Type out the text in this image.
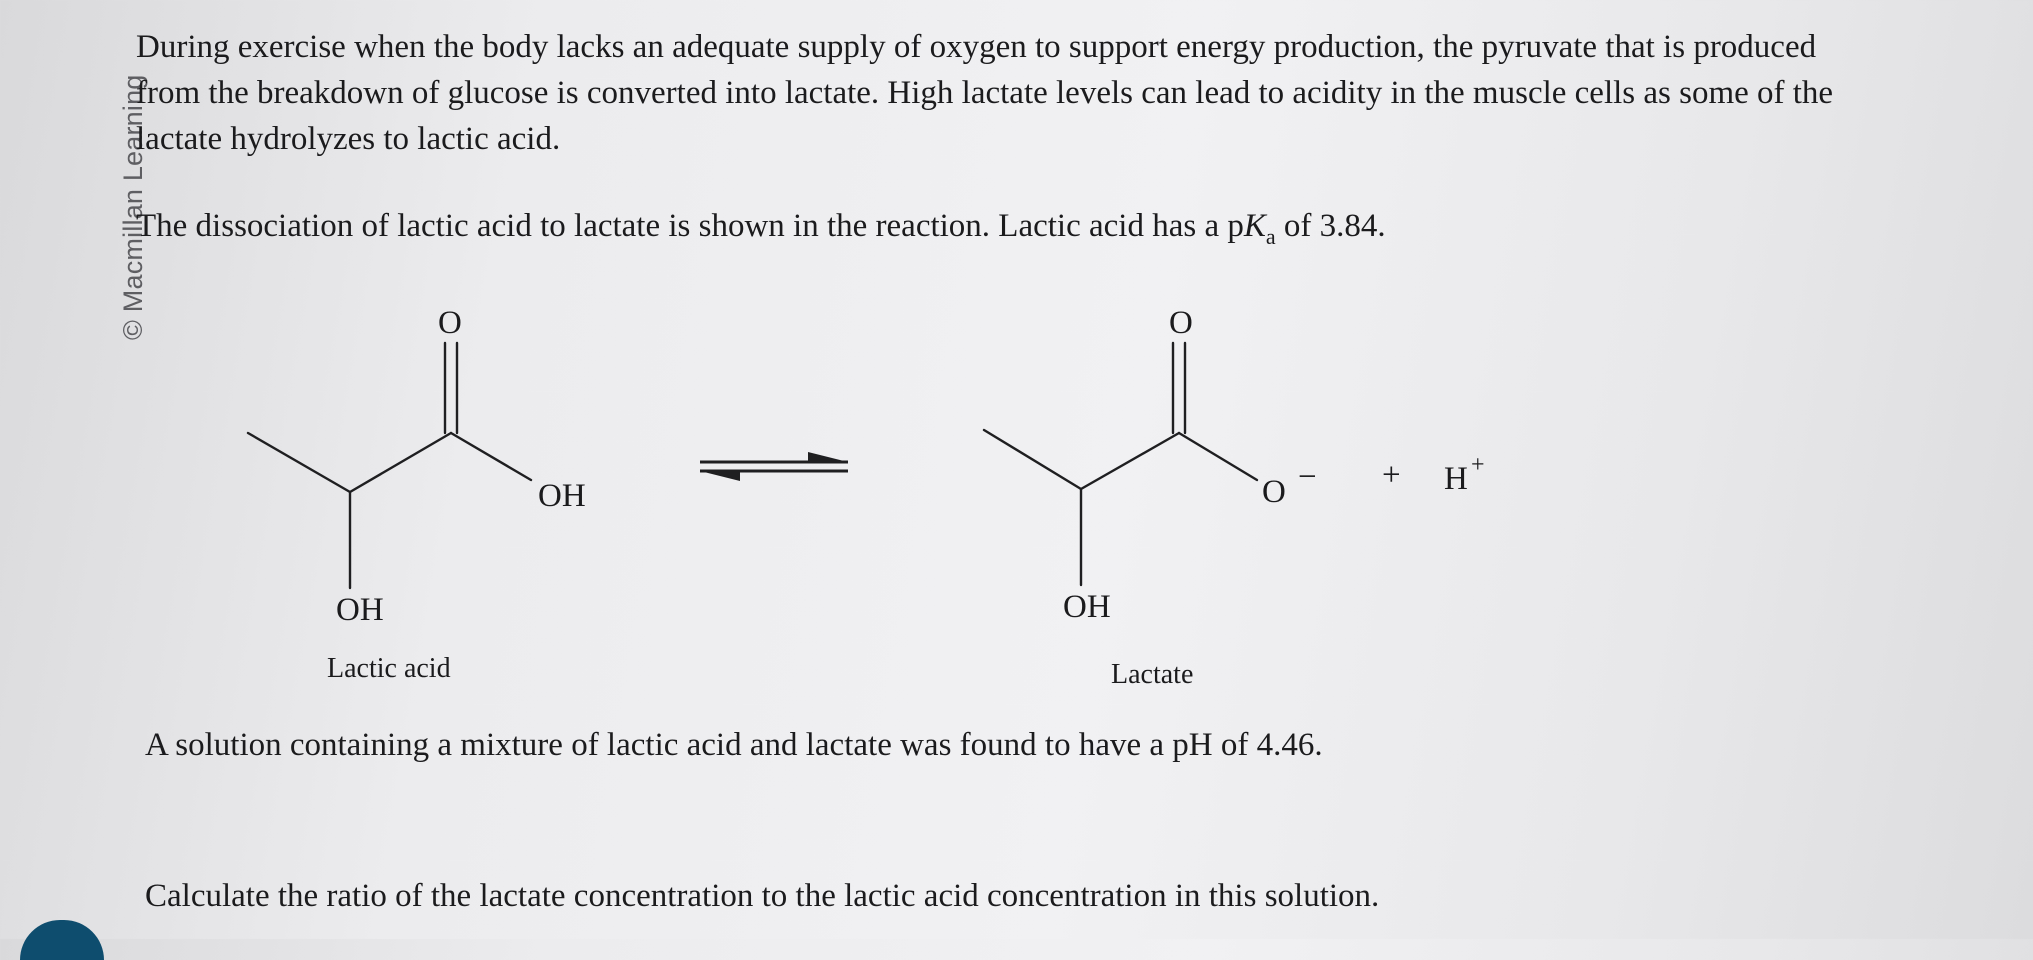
© Macmillan Learning
During exercise when the body lacks an adequate supply of oxygen to support energy production, the pyruvate that is produced
from the breakdown of glucose is converted into lactate. High lactate levels can lead to acidity in the muscle cells as some of the
lactate hydrolyzes to lactic acid.
The dissociation of lactic acid to lactate is shown in the reaction. Lactic acid has a $pK_a$ of 3.84.
O
OH
OH
Lactic acid
O
O −
OH
Lactate
+ H +
A solution containing a mixture of lactic acid and lactate was found to have a pH of 4.46.
Calculate the ratio of the lactate concentration to the lactic acid concentration in this solution.
